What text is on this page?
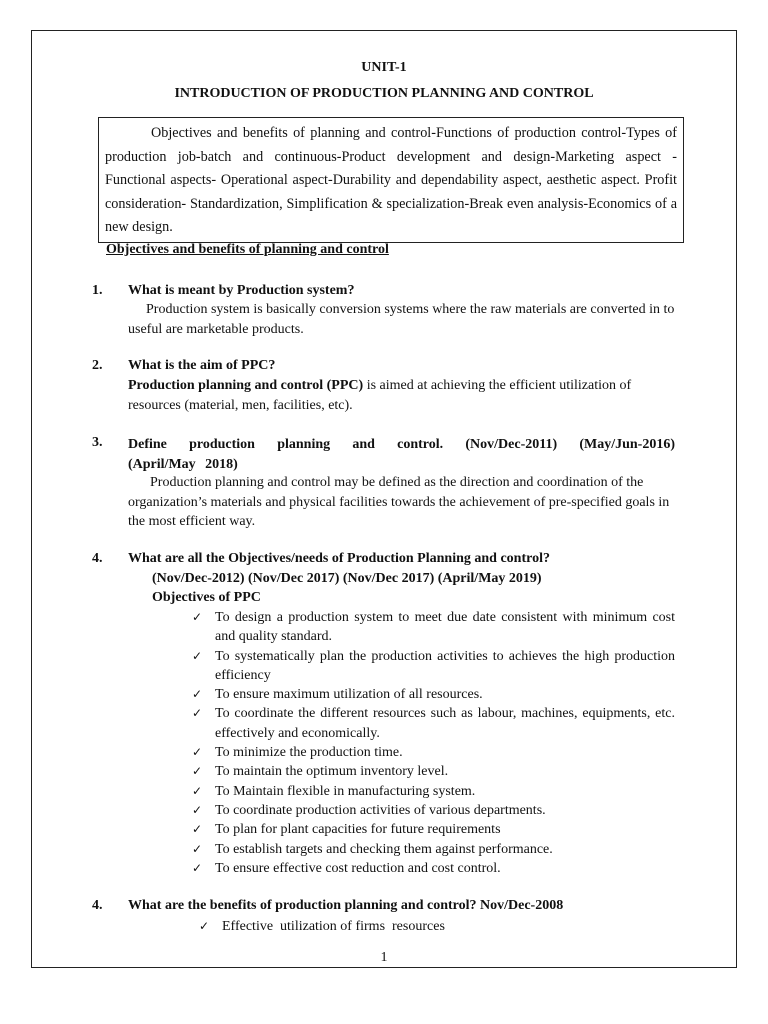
UNIT-1
INTRODUCTION OF PRODUCTION PLANNING AND CONTROL

Objectives and benefits of planning and control-Functions of production control-Types of production job-batch and continuous-Product development and design-Marketing aspect - Functional aspects- Operational aspect-Durability and dependability aspect, aesthetic aspect. Profit consideration- Standardization, Simplification & specialization-Break even analysis-Economics of a new design.

Objectives and benefits of planning and control
1. What is meant by Production system?
Production system is basically conversion systems where the raw materials are converted in to useful are marketable products.
2. What is the aim of PPC?
Production planning and control (PPC) is aimed at achieving the efficient utilization of resources (material, men, facilities, etc).
3. Define production planning and control. (Nov/Dec-2011) (May/Jun-2016) (April/May 2018)
Production planning and control may be defined as the direction and coordination of the organization’s materials and physical facilities towards the achievement of pre-specified goals in the most efficient way.
4. What are all the Objectives/needs of Production Planning and control?
(Nov/Dec-2012) (Nov/Dec 2017) (Nov/Dec 2017) (April/May 2019)
Objectives of PPC
✓ To design a production system to meet due date consistent with minimum cost and quality standard.
✓ To systematically plan the production activities to achieves the high production efficiency
✓ To ensure maximum utilization of all resources.
✓ To coordinate the different resources such as labour, machines, equipments, etc. effectively and economically.
✓ To minimize the production time.
✓ To maintain the optimum inventory level.
✓ To Maintain flexible in manufacturing system.
✓ To coordinate production activities of various departments.
✓ To plan for plant capacities for future requirements
✓ To establish targets and checking them against performance.
✓ To ensure effective cost reduction and cost control.
4. What are the benefits of production planning and control? Nov/Dec-2008
✓ Effective  utilization of firms  resources
1
